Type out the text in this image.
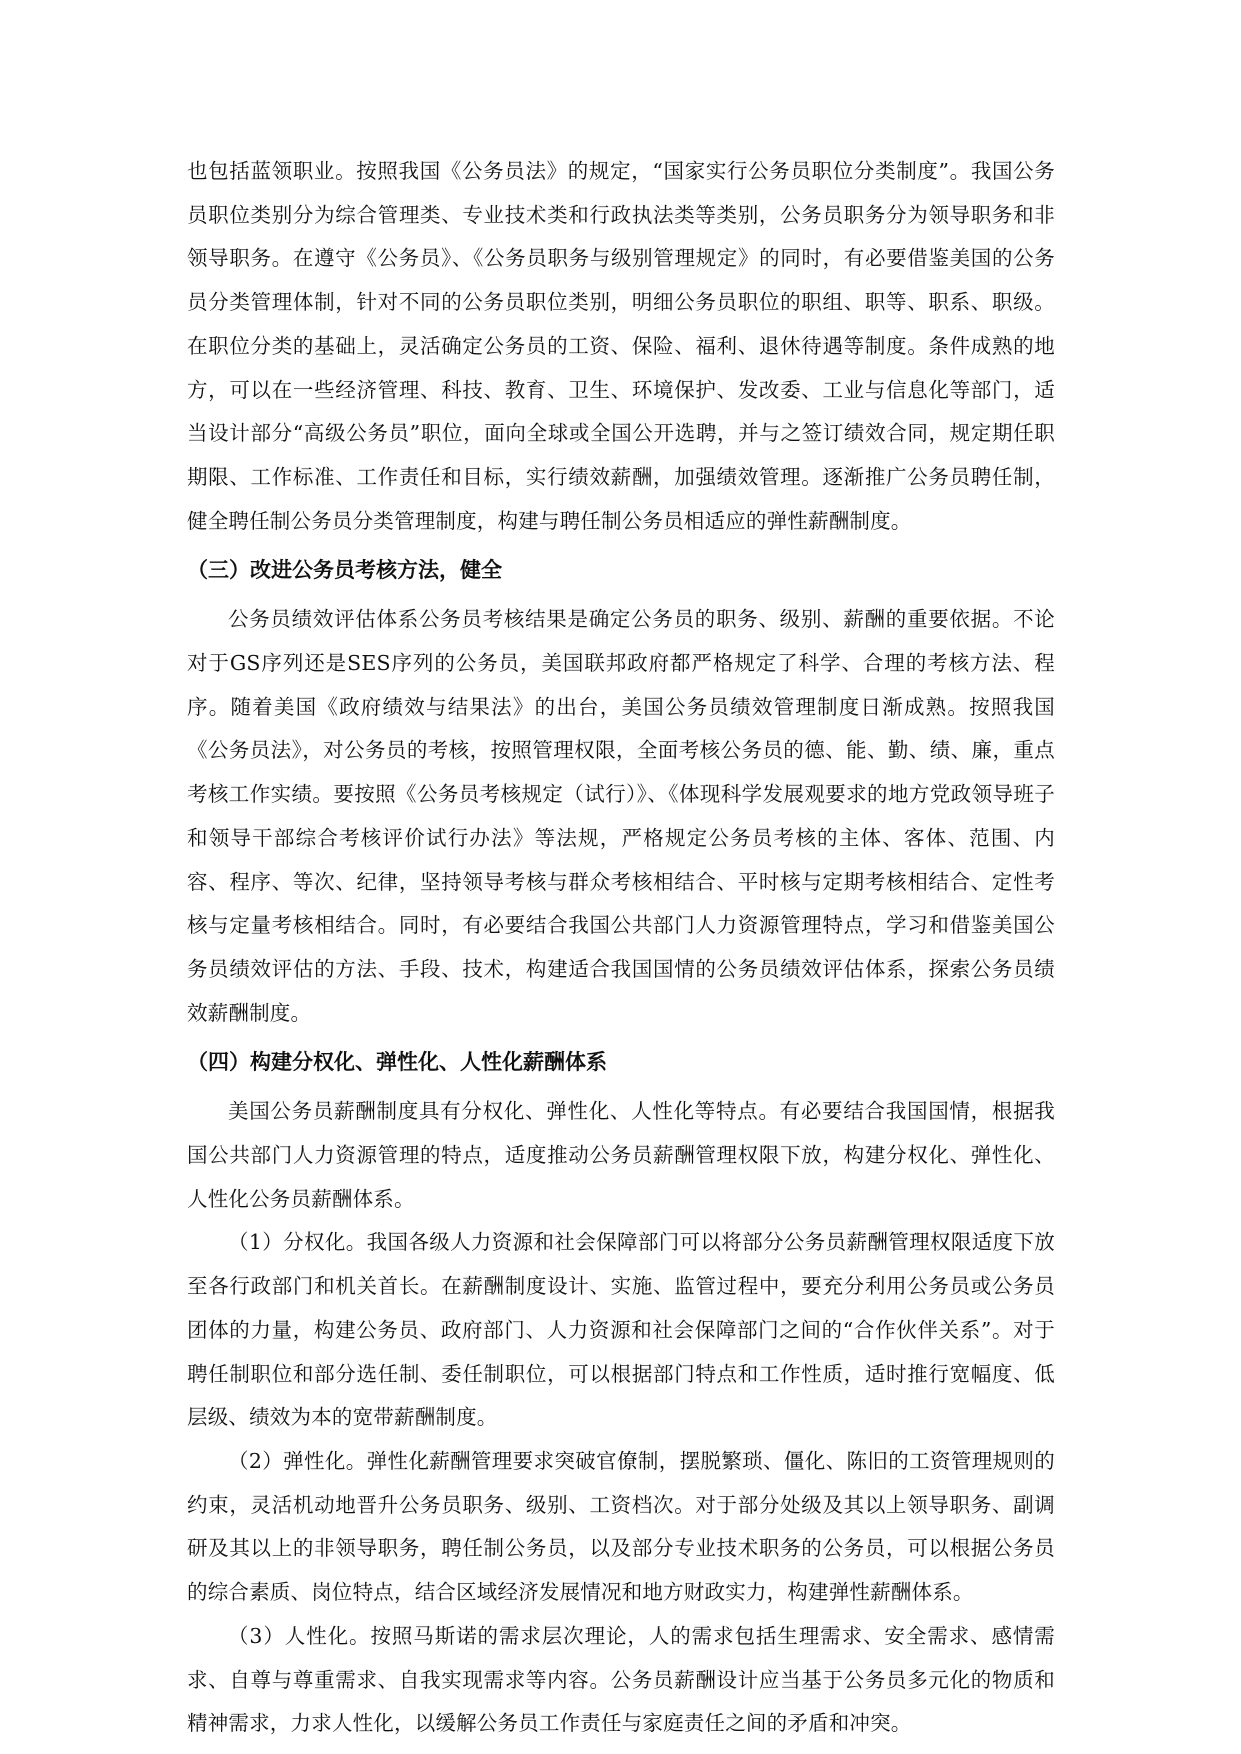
也包括蓝领职业。按照我国《公务员法》的规定，“国家实行公务员职位分类制度”。我国公务员职位类别分为综合管理类、专业技术类和行政执法类等类别，公务员职务分为领导职务和非领导职务。在遵守《公务员》、《公务员职务与级别管理规定》的同时，有必要借鉴美国的公务员分类管理体制，针对不同的公务员职位类别，明细公务员职位的职组、职等、职系、职级。在职位分类的基础上，灵活确定公务员的工资、保险、福利、退休待遇等制度。条件成熟的地方，可以在一些经济管理、科技、教育、卫生、环境保护、发改委、工业与信息化等部门，适当设计部分“高级公务员”职位，面向全球或全国公开选聘，并与之签订绩效合同，规定期任职期限、工作标准、工作责任和目标，实行绩效薪酬，加强绩效管理。逐渐推广公务员聘任制，健全聘任制公务员分类管理制度，构建与聘任制公务员相适应的弹性薪酬制度。

（三）改进公务员考核方法，健全

公务员绩效评估体系公务员考核结果是确定公务员的职务、级别、薪酬的重要依据。不论对于GS序列还是SES序列的公务员，美国联邦政府都严格规定了科学、合理的考核方法、程序。随着美国《政府绩效与结果法》的出台，美国公务员绩效管理制度日渐成熟。按照我国《公务员法》，对公务员的考核，按照管理权限，全面考核公务员的德、能、勤、绩、廉，重点考核工作实绩。要按照《公务员考核规定（试行）》、《体现科学发展观要求的地方党政领导班子和领导干部综合考核评价试行办法》等法规，严格规定公务员考核的主体、客体、范围、内容、程序、等次、纪律，坚持领导考核与群众考核相结合、平时核与定期考核相结合、定性考核与定量考核相结合。同时，有必要结合我国公共部门人力资源管理特点，学习和借鉴美国公务员绩效评估的方法、手段、技术，构建适合我国国情的公务员绩效评估体系，探索公务员绩效薪酬制度。

（四）构建分权化、弹性化、人性化薪酬体系

美国公务员薪酬制度具有分权化、弹性化、人性化等特点。有必要结合我国国情，根据我国公共部门人力资源管理的特点，适度推动公务员薪酬管理权限下放，构建分权化、弹性化、人性化公务员薪酬体系。

（1）分权化。我国各级人力资源和社会保障部门可以将部分公务员薪酬管理权限适度下放至各行政部门和机关首长。在薪酬制度设计、实施、监管过程中，要充分利用公务员或公务员团体的力量，构建公务员、政府部门、人力资源和社会保障部门之间的“合作伙伴关系”。对于聘任制职位和部分选任制、委任制职位，可以根据部门特点和工作性质，适时推行宽幅度、低层级、绩效为本的宽带薪酬制度。

（2）弹性化。弹性化薪酬管理要求突破官僚制，摆脱繁琐、僵化、陈旧的工资管理规则的约束，灵活机动地晋升公务员职务、级别、工资档次。对于部分处级及其以上领导职务、副调研及其以上的非领导职务，聘任制公务员，以及部分专业技术职务的公务员，可以根据公务员的综合素质、岗位特点，结合区域经济发展情况和地方财政实力，构建弹性薪酬体系。

（3）人性化。按照马斯诺的需求层次理论，人的需求包括生理需求、安全需求、感情需求、自尊与尊重需求、自我实现需求等内容。公务员薪酬设计应当基于公务员多元化的物质和精神需求，力求人性化，以缓解公务员工作责任与家庭责任之间的矛盾和冲突。
